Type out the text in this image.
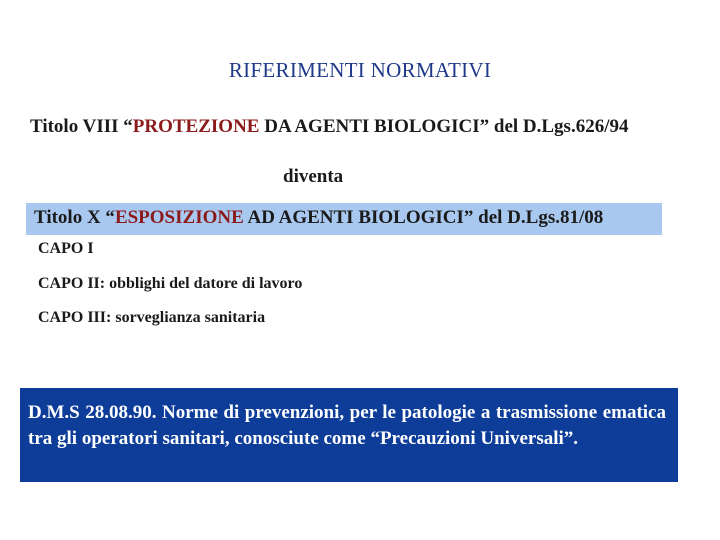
RIFERIMENTI NORMATIVI
Titolo VIII “PROTEZIONE DA AGENTI BIOLOGICI” del D.Lgs.626/94
diventa
Titolo X “ESPOSIZIONE AD AGENTI BIOLOGICI” del D.Lgs.81/08
CAPO I
CAPO II: obblighi del datore di lavoro
CAPO III: sorveglianza sanitaria

D.M.S 28.08.90. Norme di prevenzioni, per le patologie a trasmissione ematica tra gli operatori sanitari, conosciute come “Precauzioni Universali”.
